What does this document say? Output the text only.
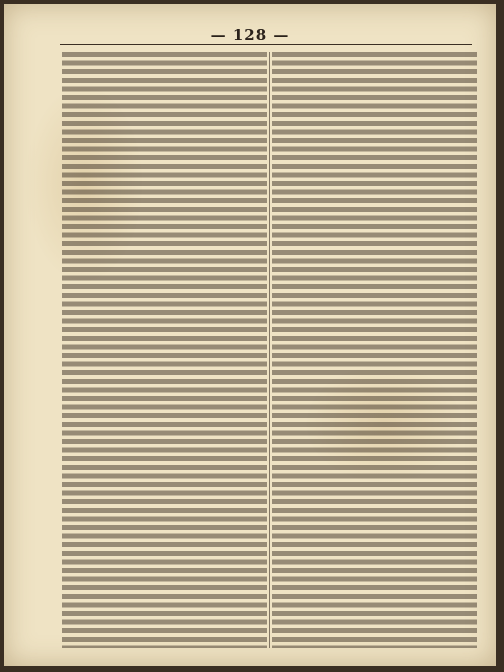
— 128 —
